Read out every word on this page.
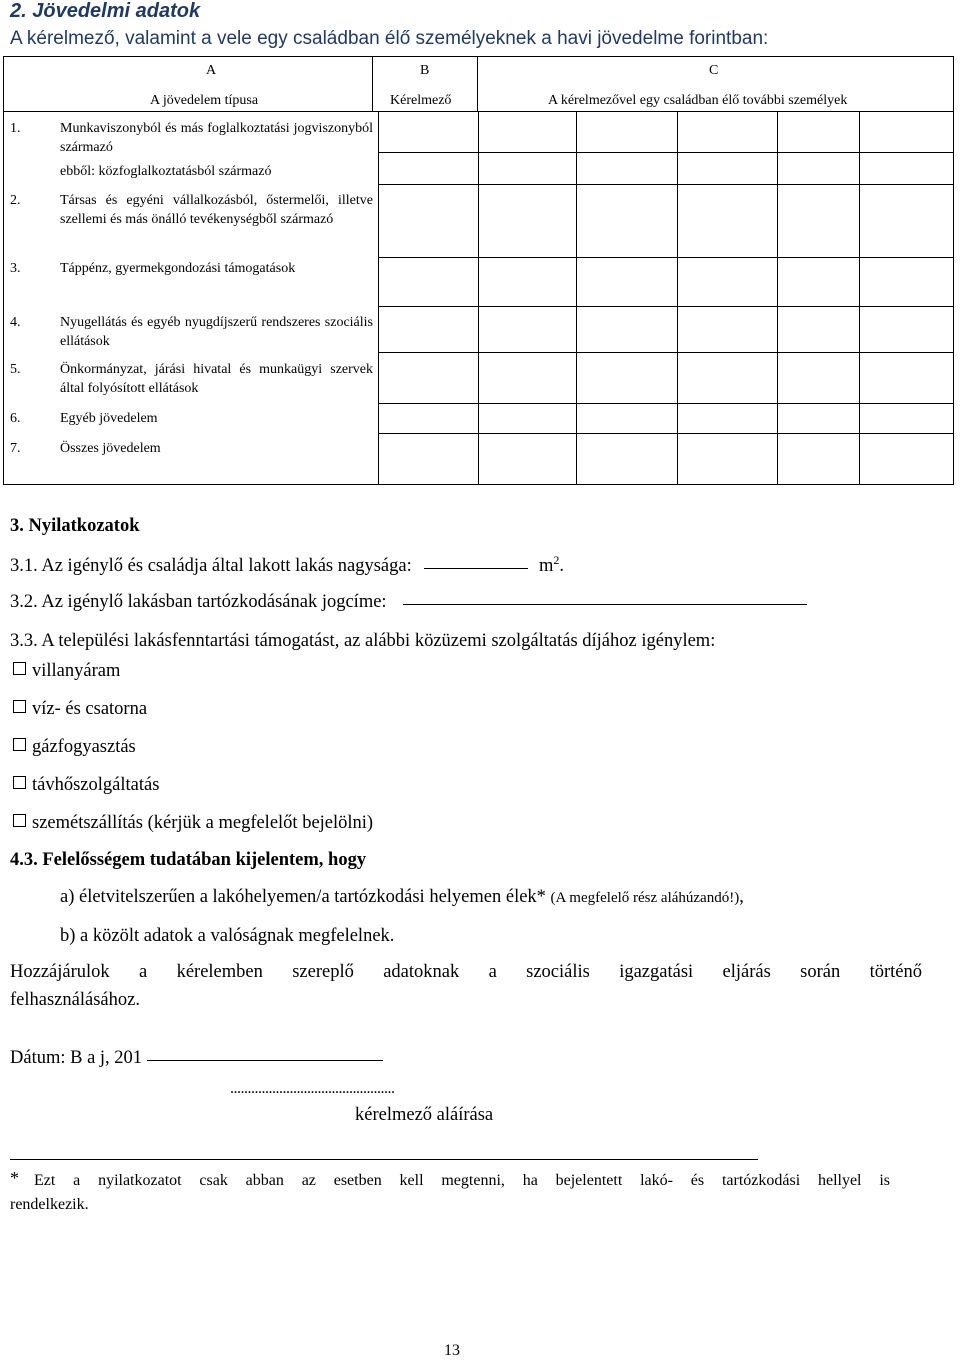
2. Jövedelmi adatok
A kérelmező, valamint a vele egy családban élő személyeknek a havi jövedelme forintban:
A	B	C
A jövedelem típusa	Kérelmező	A kérelmezővel egy családban élő további személyek
1.	Munkaviszonyból és más foglalkoztatási jogviszonyból származó
ebből: közfoglalkoztatásból származó
2.	Társas és egyéni vállalkozásból, őstermelői, illetve szellemi és más önálló tevékenységből származó
3.	Táppénz, gyermekgondozási támogatások
4.	Nyugellátás és egyéb nyugdíjszerű rendszeres szociális ellátások
5.	Önkormányzat, járási hivatal és munkaügyi szervek által folyósított ellátások
6.	Egyéb jövedelem
7.	Összes jövedelem
3. Nyilatkozatok
3.1. Az igénylő és családja által lakott lakás nagysága:	$m^2$.
3.2. Az igénylő lakásban tartózkodásának jogcíme:
3.3. A települési lakásfenntartási támogatást, az alábbi közüzemi szolgáltatás díjához igénylem:
villanyáram
víz- és csatorna
gázfogyasztás
távhőszolgáltatás
szemétszállítás (kérjük a megfelelőt bejelölni)
4.3. Felelősségem tudatában kijelentem, hogy
a) életvitelszerűen a lakóhelyemen/a tartózkodási helyemen élek* (A megfelelő rész aláhúzandó!),
b) a közölt adatok a valóságnak megfelelnek.
Hozzájárulok a kérelemben szereplő adatoknak a szociális igazgatási eljárás során történő
felhasználásához.
Dátum: B a j, 201
...............................................
kérelmező aláírása
* Ezt a nyilatkozatot csak abban az esetben kell megtenni, ha bejelentett lakó- és tartózkodási hellyel is
rendelkezik.
13
